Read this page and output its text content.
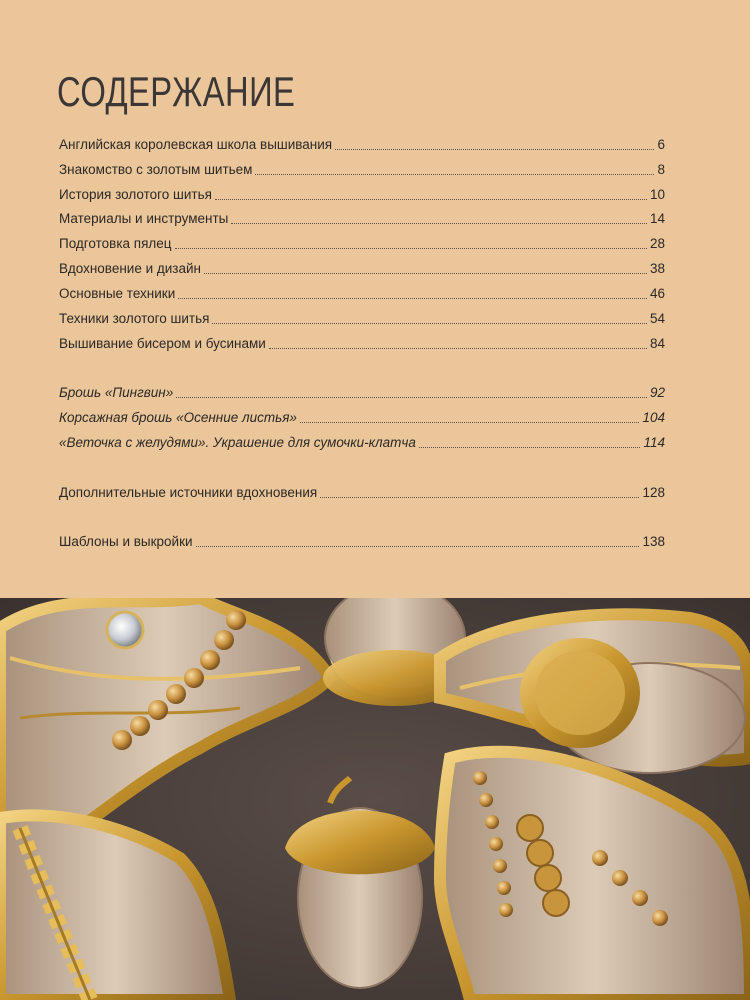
СОДЕРЖАНИЕ
Английская королевская школа вышивания	6
Знакомство с золотым шитьем	8
История золотого шитья	10
Материалы и инструменты	14
Подготовка пялец	28
Вдохновение и дизайн	38
Основные техники	46
Техники золотого шитья	54
Вышивание бисером и бусинами	84
Брошь «Пингвин»	92
Корсажная брошь «Осенние листья»	104
«Веточка с желудями». Украшение для сумочки-клатча	114
Дополнительные источники вдохновения	128
Шаблоны и выкройки	138
